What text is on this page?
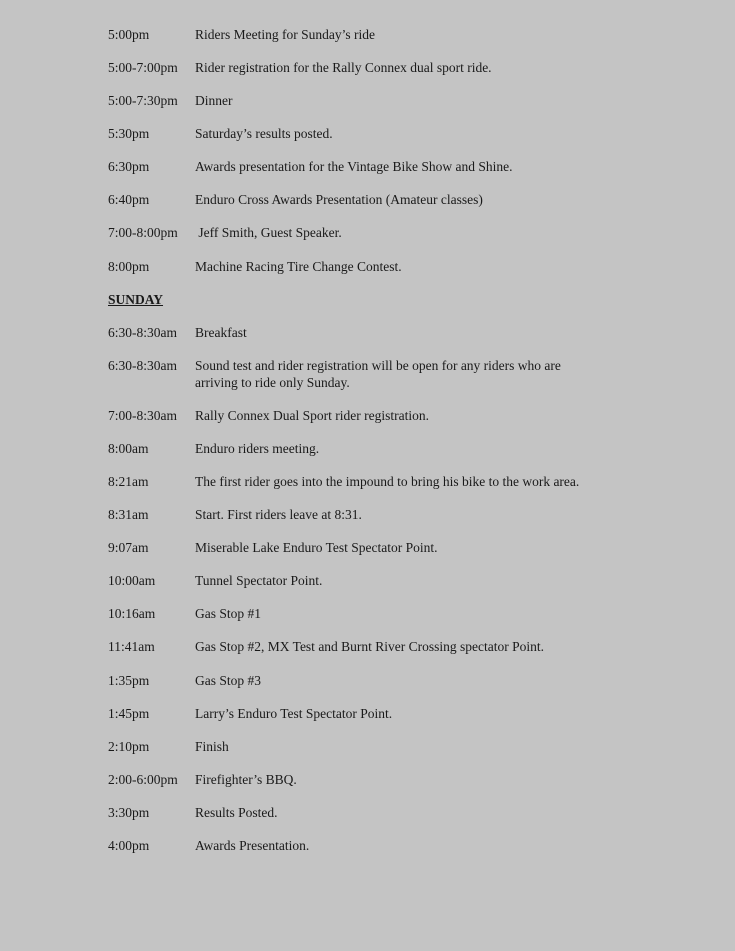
5:00pm	Riders Meeting for Sunday’s ride
5:00-7:00pm Rider registration for the Rally Connex dual sport ride.
5:00-7:30pm Dinner
5:30pm	Saturday’s results posted.
6:30pm	Awards presentation for the Vintage Bike Show and Shine.
6:40pm	Enduro Cross Awards Presentation (Amateur classes)
7:00-8:00pm Jeff Smith, Guest Speaker.
8:00pm	Machine Racing Tire Change Contest.
SUNDAY
6:30-8:30am Breakfast
6:30-8:30am Sound test and rider registration will be open for any riders who are arriving to ride only Sunday.
7:00-8:30am Rally Connex Dual Sport rider registration.
8:00am	Enduro riders meeting.
8:21am	The first rider goes into the impound to bring his bike to the work area.
8:31am	Start. First riders leave at 8:31.
9:07am	Miserable Lake Enduro Test Spectator Point.
10:00am	Tunnel Spectator Point.
10:16am	Gas Stop #1
11:41am	Gas Stop #2, MX Test and Burnt River Crossing spectator Point.
1:35pm	Gas Stop #3
1:45pm	Larry’s Enduro Test Spectator Point.
2:10pm	Finish
2:00-6:00pm Firefighter’s BBQ.
3:30pm	Results Posted.
4:00pm	Awards Presentation.
